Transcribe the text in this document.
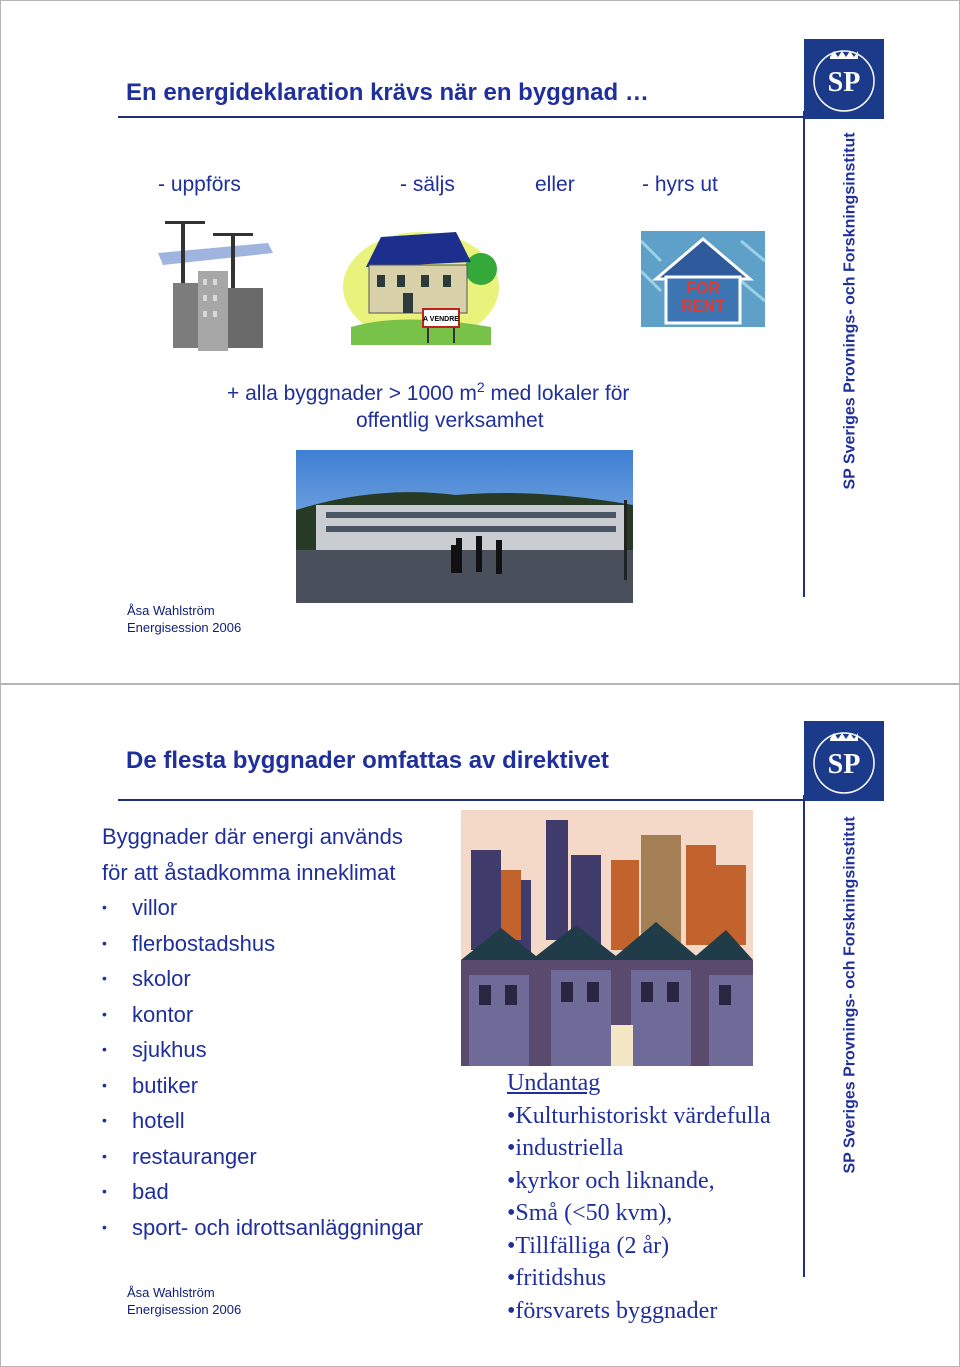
En energideklaration krävs när en byggnad …	SP
SP Sveriges Provnings- och Forskningsinstitut
- uppförs	- säljs	eller	- hyrs ut
A VENDRE
FOR
RENT
+ alla byggnader > 1000 $m^2$ med lokaler för
offentlig verksamhet
Åsa Wahlström
Energisession 2006
De flesta byggnader omfattas av direktivet	SP
SP Sveriges Provnings- och Forskningsinstitut
Byggnader där energi används
för att åstadkomma inneklimat
• villor
• flerbostadshus
• skolor
• kontor
• sjukhus
• butiker
• hotell
• restauranger
• bad
• sport- och idrottsanläggningar
Undantag
•Kulturhistoriskt värdefulla
•industriella
•kyrkor och liknande,
•Små (<50 kvm),
•Tillfälliga (2 år)
•fritidshus
•försvarets byggnader
Åsa Wahlström
Energisession 2006
